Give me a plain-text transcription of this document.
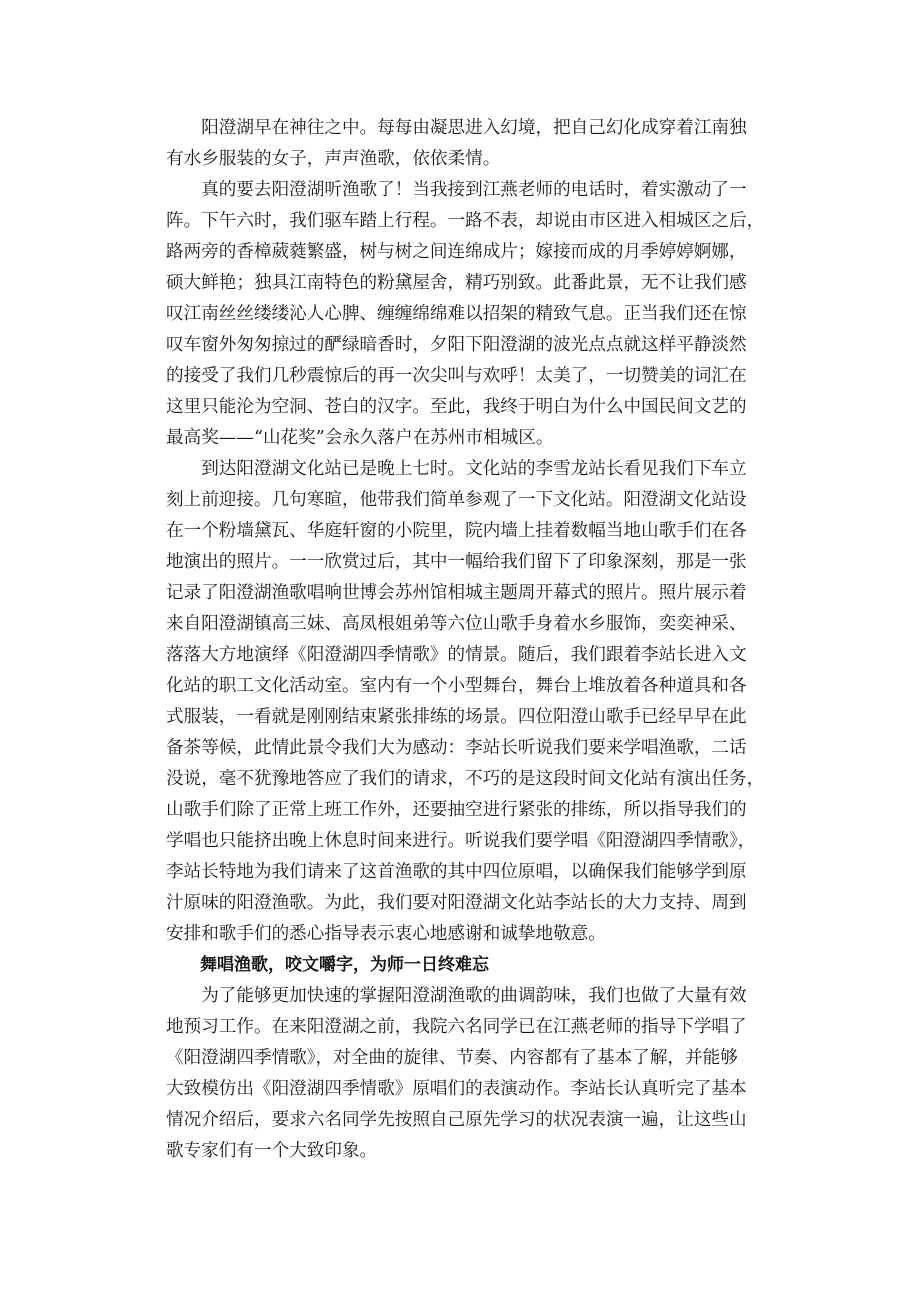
阳澄湖早在神往之中。每每由凝思进入幻境，把自己幻化成穿着江南独
有水乡服装的女子，声声渔歌，依依柔情。

真的要去阳澄湖听渔歌了！当我接到江燕老师的电话时，着实激动了一
阵。下午六时，我们驱车踏上行程。一路不表，却说由市区进入相城区之后，
路两旁的香樟葳蕤繁盛，树与树之间连绵成片；嫁接而成的月季婷婷婀娜，
硕大鲜艳；独具江南特色的粉黛屋舍，精巧别致。此番此景，无不让我们感
叹江南丝丝缕缕沁人心脾、缠缠绵绵难以招架的精致气息。正当我们还在惊
叹车窗外匆匆掠过的酽绿暗香时，夕阳下阳澄湖的波光点点就这样平静淡然
的接受了我们几秒震惊后的再一次尖叫与欢呼！太美了，一切赞美的词汇在
这里只能沦为空洞、苍白的汉字。至此，我终于明白为什么中国民间文艺的
最高奖——“山花奖”会永久落户在苏州市相城区。

到达阳澄湖文化站已是晚上七时。文化站的李雪龙站长看见我们下车立
刻上前迎接。几句寒暄，他带我们简单参观了一下文化站。阳澄湖文化站设
在一个粉墙黛瓦、华庭轩窗的小院里，院内墙上挂着数幅当地山歌手们在各
地演出的照片。一一欣赏过后，其中一幅给我们留下了印象深刻，那是一张
记录了阳澄湖渔歌唱响世博会苏州馆相城主题周开幕式的照片。照片展示着
来自阳澄湖镇高三妹、高凤根姐弟等六位山歌手身着水乡服饰，奕奕神采、
落落大方地演绎《阳澄湖四季情歌》的情景。随后，我们跟着李站长进入文
化站的职工文化活动室。室内有一个小型舞台，舞台上堆放着各种道具和各
式服装，一看就是刚刚结束紧张排练的场景。四位阳澄山歌手已经早早在此
备茶等候，此情此景令我们大为感动：李站长听说我们要来学唱渔歌，二话
没说，毫不犹豫地答应了我们的请求，不巧的是这段时间文化站有演出任务，
山歌手们除了正常上班工作外，还要抽空进行紧张的排练，所以指导我们的
学唱也只能挤出晚上休息时间来进行。听说我们要学唱《阳澄湖四季情歌》，
李站长特地为我们请来了这首渔歌的其中四位原唱，以确保我们能够学到原
汁原味的阳澄渔歌。为此，我们要对阳澄湖文化站李站长的大力支持、周到
安排和歌手们的悉心指导表示衷心地感谢和诚挚地敬意。

舞唱渔歌，咬文嚼字，为师一日终难忘

为了能够更加快速的掌握阳澄湖渔歌的曲调韵味，我们也做了大量有效
地预习工作。在来阳澄湖之前，我院六名同学已在江燕老师的指导下学唱了
《阳澄湖四季情歌》，对全曲的旋律、节奏、内容都有了基本了解，并能够
大致模仿出《阳澄湖四季情歌》原唱们的表演动作。李站长认真听完了基本
情况介绍后，要求六名同学先按照自己原先学习的状况表演一遍，让这些山
歌专家们有一个大致印象。
